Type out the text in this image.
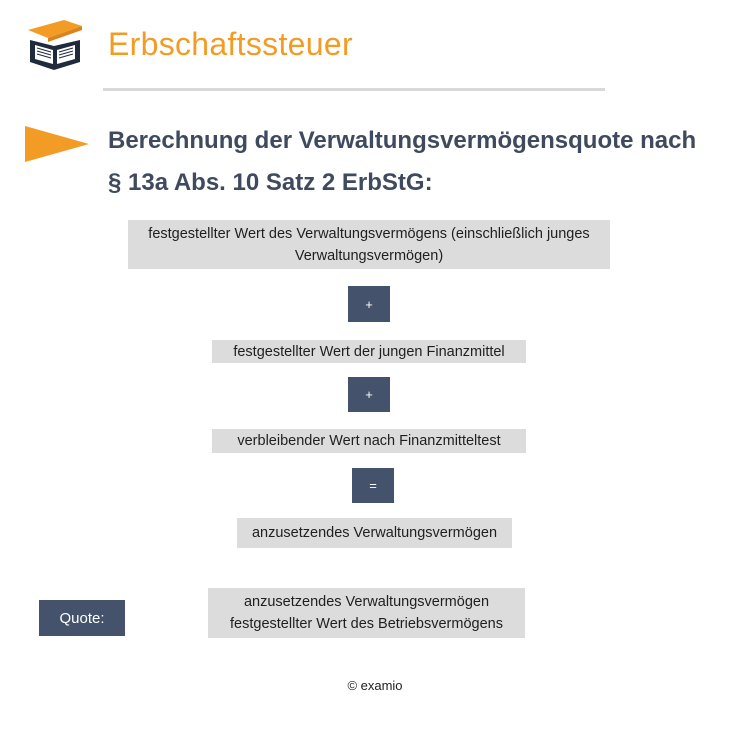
Erbschaftssteuer
Berechnung der Verwaltungsvermögensquote nach
§ 13a Abs. 10 Satz 2 ErbStG:
festgestellter Wert des Verwaltungsvermögens (einschließlich junges
Verwaltungsvermögen)
+
festgestellter Wert der jungen Finanzmittel
+
verbleibender Wert nach Finanzmitteltest
=
anzusetzendes Verwaltungsvermögen
Quote:
anzusetzendes Verwaltungsvermögen
festgestellter Wert des Betriebsvermögens
© examio
